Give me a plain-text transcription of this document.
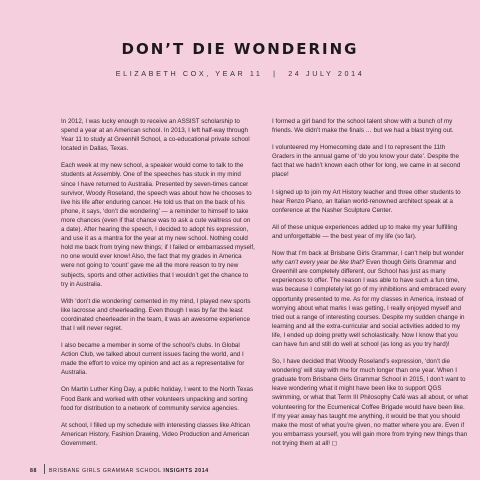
DON’T DIE WONDERING
ELIZABETH COX, YEAR 11 | 24 JULY 2014

In 2012, I was lucky enough to receive an ASSIST scholarship to spend a year at an American school. In 2013, I left half-way through Year 11 to study at Greenhill School, a co-educational private school located in Dallas, Texas.

Each week at my new school, a speaker would come to talk to the students at Assembly. One of the speeches has stuck in my mind since I have returned to Australia. Presented by seven-times cancer survivor, Woody Roseland, the speech was about how he chooses to live his life after enduring cancer. He told us that on the back of his phone, it says, ‘don’t die wondering’ — a reminder to himself to take more chances (even if that chance was to ask a cute waitress out on a date). After hearing the speech, I decided to adopt his expression, and use it as a mantra for the year at my new school. Nothing could hold me back from trying new things; if I failed or embarrassed myself, no one would ever know! Also, the fact that my grades in America were not going to ‘count’ gave me all the more reason to try new subjects, sports and other activities that I wouldn’t get the chance to try in Australia.

With ‘don’t die wondering’ cemented in my mind, I played new sports like lacrosse and cheerleading. Even though I was by far the least coordinated cheerleader in the team, it was an awesome experience that I will never regret.

I also became a member in some of the school’s clubs. In Global Action Club, we talked about current issues facing the world, and I made the effort to voice my opinion and act as a representative for Australia.

On Martin Luther King Day, a public holiday, I went to the North Texas Food Bank and worked with other volunteers unpacking and sorting food for distribution to a network of community service agencies.

At school, I filled up my schedule with interesting classes like African American History, Fashion Drawing, Video Production and American Government.

I formed a girl band for the school talent show with a bunch of my friends. We didn’t make the finals … but we had a blast trying out.

I volunteered my Homecoming date and I to represent the 11th Graders in the annual game of ‘do you know your date’. Despite the fact that we hadn’t known each other for long, we came in at second place!

I signed up to join my Art History teacher and three other students to hear Renzo Piano, an Italian world-renowned architect speak at a conference at the Nasher Sculpture Center.

All of these unique experiences added up to make my year fulfilling and unforgettable — the best year of my life (so far).

Now that I’m back at Brisbane Girls Grammar, I can’t help but wonder why can’t every year be like that? Even though Girls Grammar and Greenhill are completely different, our School has just as many experiences to offer. The reason I was able to have such a fun time, was because I completely let go of my inhibitions and embraced every opportunity presented to me. As for my classes in America, instead of worrying about what marks I was getting, I really enjoyed myself and tried out a range of interesting courses. Despite my sudden change in learning and all the extra-curricular and social activities added to my life, I ended up doing pretty well scholastically. Now I know that you can have fun and still do well at school (as long as you try hard)!

So, I have decided that Woody Roseland’s expression, ‘don’t die wondering’ will stay with me for much longer than one year. When I graduate from Brisbane Girls Grammar School in 2015, I don’t want to leave wondering what it might have been like to support QGS swimming, or what that Term III Philosophy Café was all about, or what volunteering for the Ecumenical Coffee Brigade would have been like. If my year away has taught me anything, it would be that you should make the most of what you’re given, no matter where you are. Even if you embarrass yourself, you will gain more from trying new things than not trying them at all! ◻

88 BRISBANE GIRLS GRAMMAR SCHOOL INSIGHTS 2014
